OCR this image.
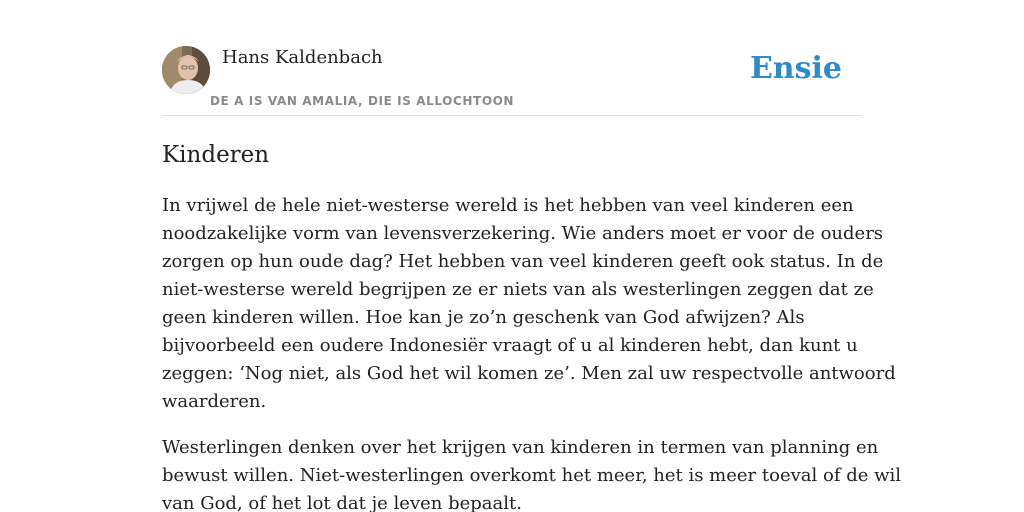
Hans Kaldenbach
DE A IS VAN AMALIA, DIE IS ALLOCHTOON
Ensie
Kinderen

In vrijwel de hele niet-westerse wereld is het hebben van veel kinderen een
noodzakelijke vorm van levensverzekering. Wie anders moet er voor de ouders
zorgen op hun oude dag? Het hebben van veel kinderen geeft ook status. In de
niet-westerse wereld begrijpen ze er niets van als westerlingen zeggen dat ze
geen kinderen willen. Hoe kan je zo’n geschenk van God afwijzen? Als
bijvoorbeeld een oudere Indonesiër vraagt of u al kinderen hebt, dan kunt u
zeggen: ‘Nog niet, als God het wil komen ze’. Men zal uw respectvolle antwoord
waarderen.

Westerlingen denken over het krijgen van kinderen in termen van planning en
bewust willen. Niet-westerlingen overkomt het meer, het is meer toeval of de wil
van God, of het lot dat je leven bepaalt.
